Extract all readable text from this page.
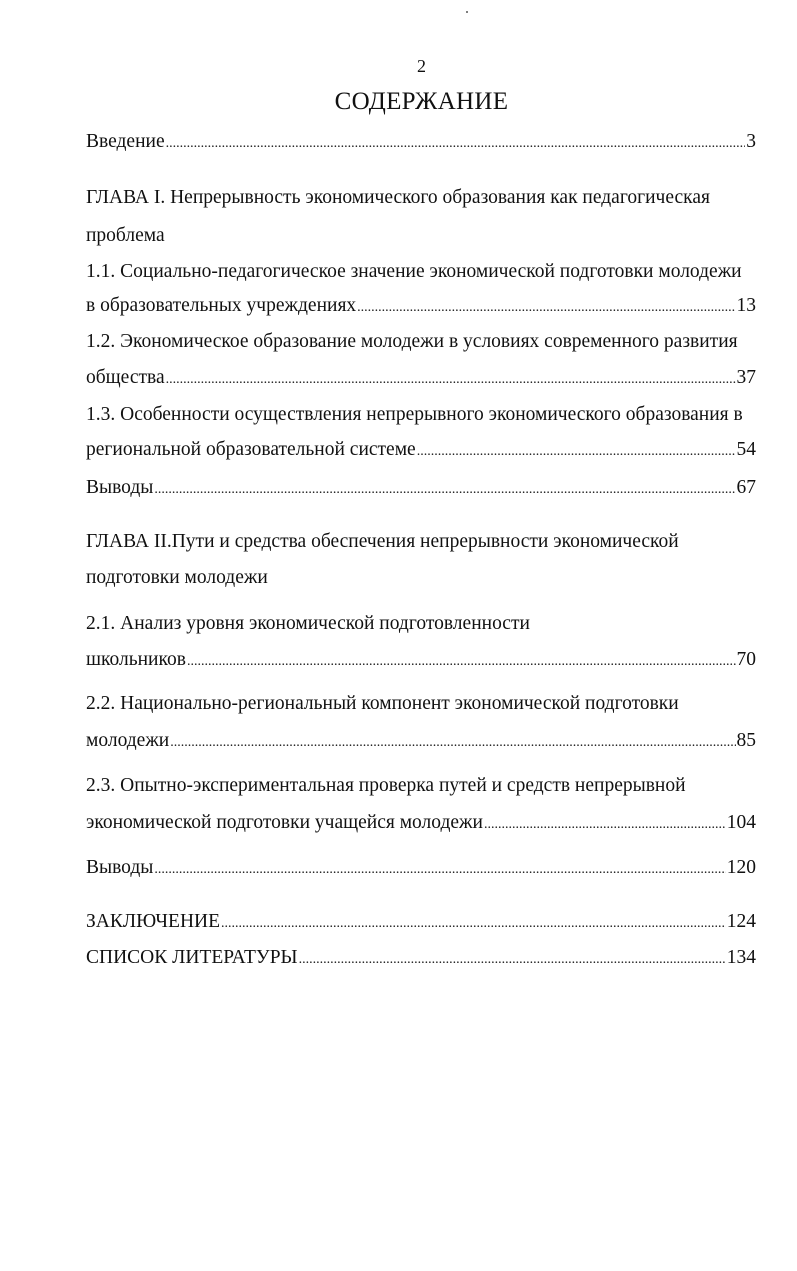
2
СОДЕРЖАНИЕ
Введение .....	3
ГЛАВА I. Непрерывность экономического образования как педагогическая
проблема
1.1. Социально-педагогическое значение экономической подготовки молодежи
в образовательных учреждениях .....	13
1.2. Экономическое образование молодежи в условиях современного развития
общества .....	37
1.3. Особенности осуществления непрерывного экономического образования в
региональной образовательной системе .....	54
Выводы .....	67
ГЛАВА II.Пути и средства обеспечения непрерывности экономической
подготовки молодежи
2.1. Анализ уровня экономической подготовленности
школьников .....	70
2.2. Национально-региональный компонент экономической подготовки
молодежи .....	85
2.3. Опытно-экспериментальная проверка путей и средств непрерывной
экономической подготовки учащейся молодежи .....	104
Выводы .....	120
ЗАКЛЮЧЕНИЕ .....	124
СПИСОК ЛИТЕРАТУРЫ .....	134
